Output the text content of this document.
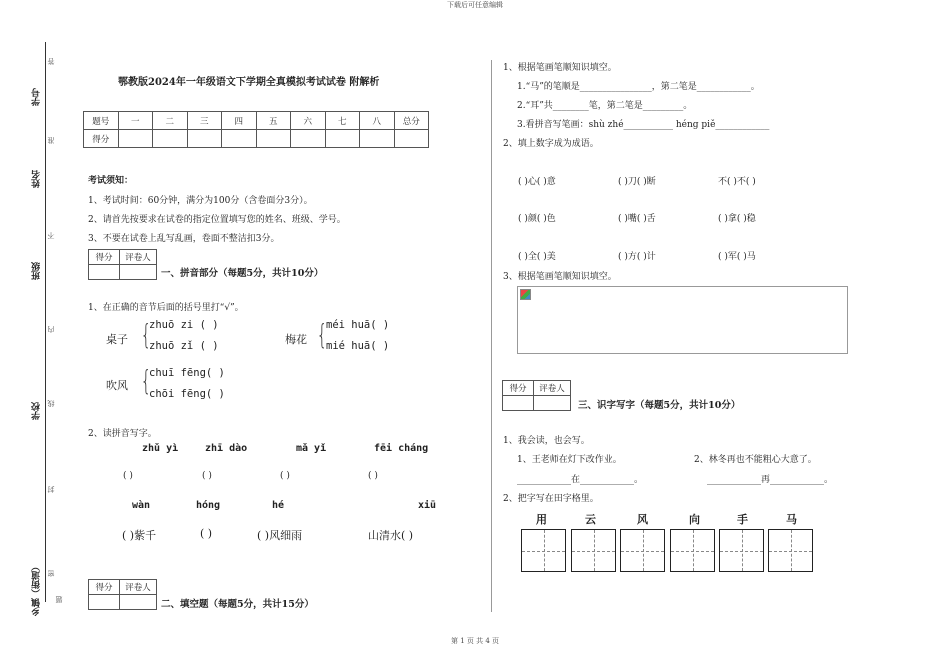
下载后可任意编辑
学号
姓名
班级
学校
乡镇（街道）
答
准
不
内
线
封
密
题
鄂教版2024年一年级语文下学期全真模拟考试试卷 附解析
题号	一	二	三	四	五	六	七	八	总分
得分									
考试须知：
1、考试时间：60分钟，满分为100分（含卷面分3分）。
2、请首先按要求在试卷的指定位置填写您的姓名、班级、学号。
3、不要在试卷上乱写乱画，卷面不整洁扣3分。
得分	评卷人

一、拼音部分（每题5分，共计10分）
1、在正确的音节后面的括号里打“√”。
桌子 {
zhuō zi ( )
zhuō zǐ ( )	梅花 {
méi huā( )
mié huā( )
吹风 {
chuī fēng( )
chōi fēng( )
2、读拼音写字。
zhǔ yì	zhī dào	mǎ yǐ	fēi cháng
( )	( )	( )	( )
wàn	hóng	hé	xiū
( )紫千	( )	( )风细雨	山清水( )
得分	评卷人

二、填空题（每题5分，共计15分）
1、根据笔画笔顺知识填空。
1.“马”的笔顺是________________，第二笔是____________。
2.“耳”共________笔，第二笔是_________。
3.看拼音写笔画：shù zhé___________ héng piě____________
2、填上数字成为成语。
( )心( )意	( )刀( )断	不( )不( )
( )颜( )色	( )嘴( )舌	( )拿( )稳
( )全( )美	( )方( )计	( )军( )马
3、根据笔画笔顺知识填空。
得分	评卷人

三、识字写字（每题5分，共计10分）
1、我会读，也会写。
1、王老师在灯下改作业。	2、林冬再也不能粗心大意了。
____________在____________。	____________再____________。
2、把字写在田字格里。
用	云	风	向	手	马
第 1 页 共 4 页
